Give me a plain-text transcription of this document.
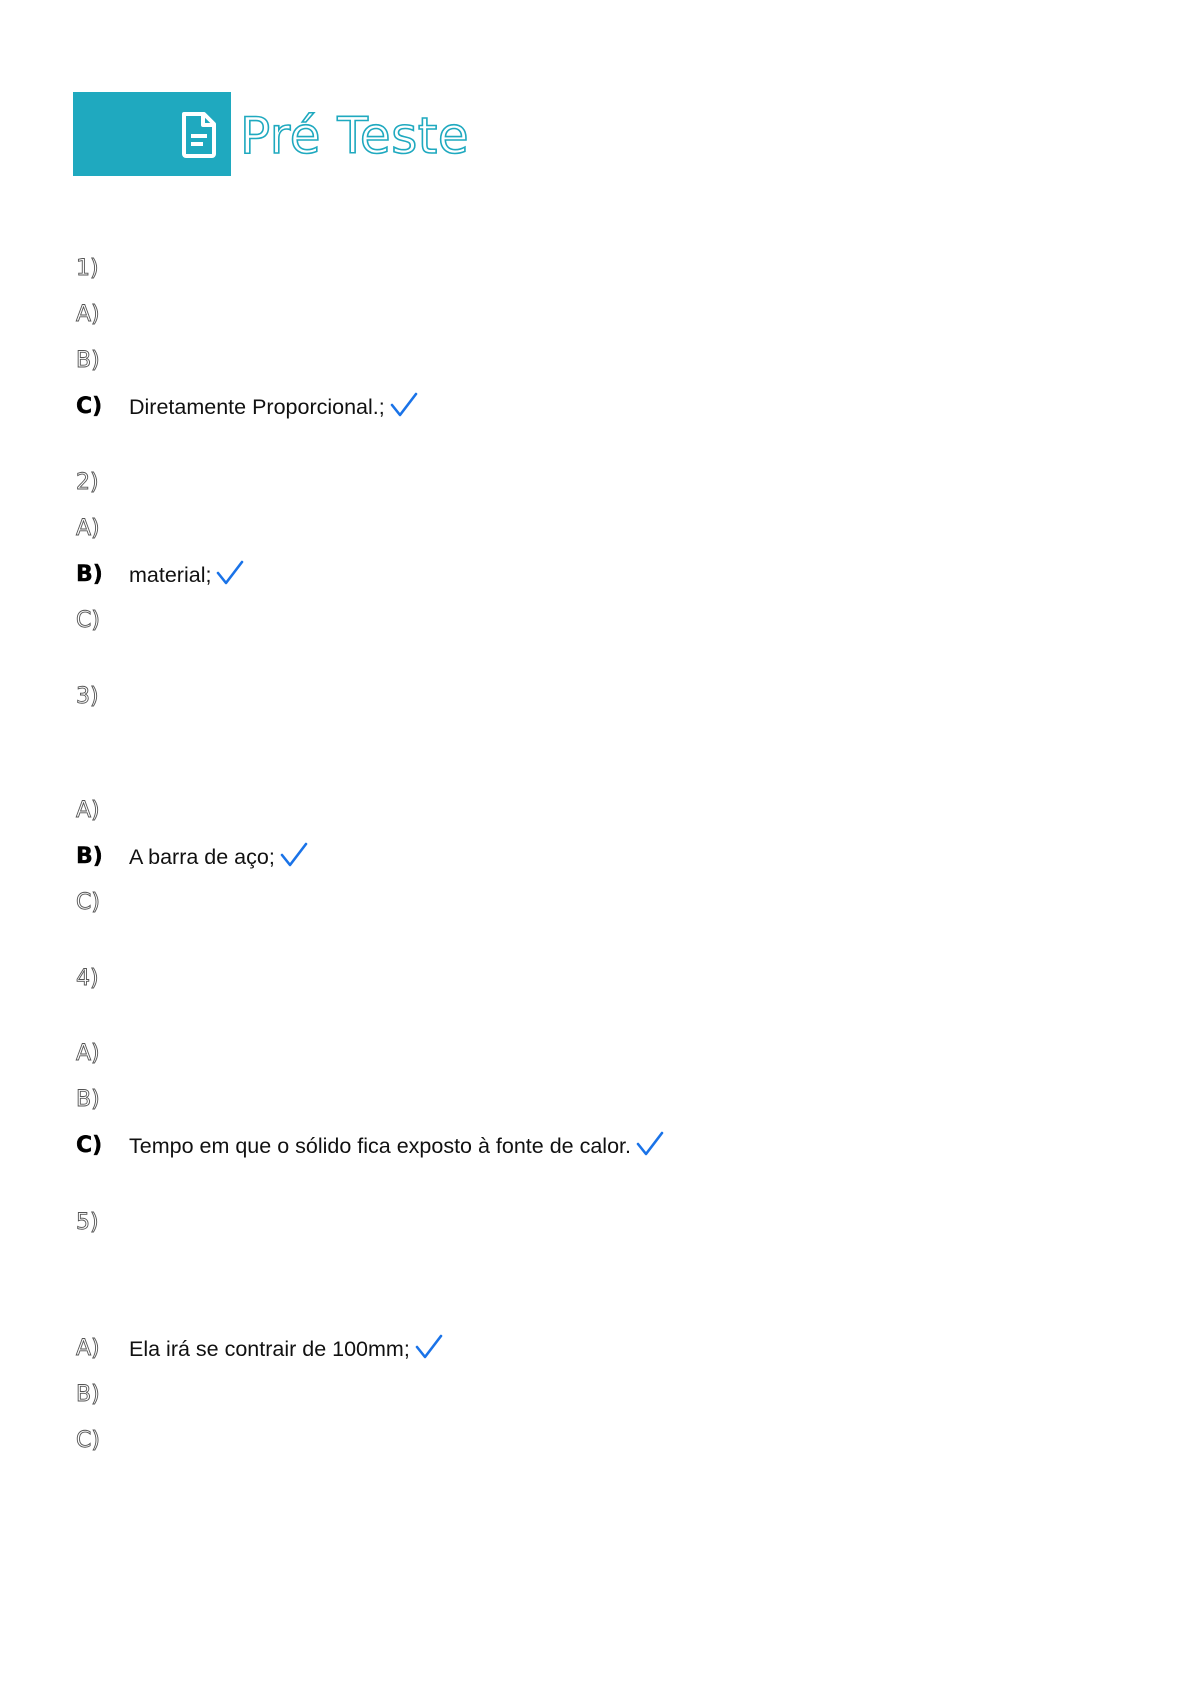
Pré Teste
1)
A)
B)
C) Diretamente Proporcional.;
2)
A)
B) material;
C)
3)
A)
B) A barra de aço;
C)
4)
A)
B)
C) Tempo em que o sólido fica exposto à fonte de calor.
5)
A) Ela irá se contrair de 100mm;
B)
C)
